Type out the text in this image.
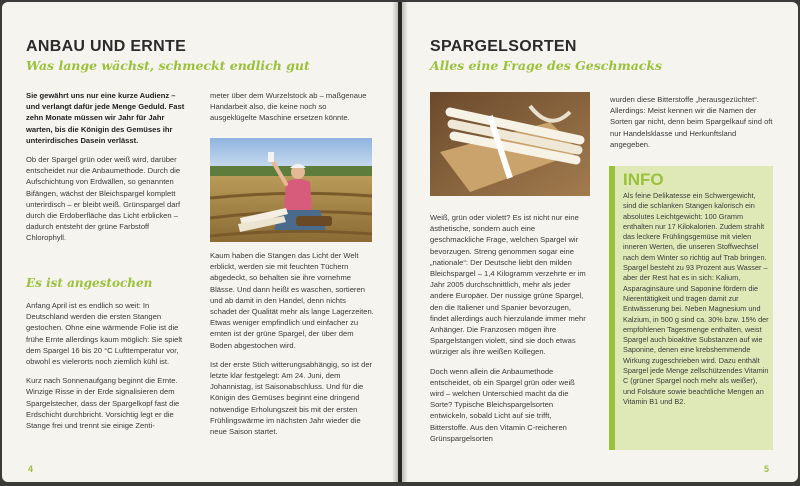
ANBAU UND ERNTE
Was lange wächst, schmeckt endlich gut

Sie gewährt uns nur eine kurze Audienz – und verlangt dafür jede Menge Geduld. Fast zehn Monate müssen wir Jahr für Jahr warten, bis die Königin des Gemüses ihr unterirdisches Dasein verlässt.

Ob der Spargel grün oder weiß wird, darüber entscheidet nur die Anbaumethode. Durch die Aufschichtung von Erdwällen, so genannten Bifängen, wächst der Bleichspargel komplett unterirdisch – er bleibt weiß. Grünspargel darf durch die Erdoberfläche das Licht erblicken – dadurch entsteht der grüne Farbstoff Chlorophyll.

Es ist angestochen

Anfang April ist es endlich so weit: In Deutschland werden die ersten Stangen gestochen. Ohne eine wärmende Folie ist die frühe Ernte allerdings kaum möglich: Sie spielt dem Spargel 16 bis 20 °C Lufttemperatur vor, obwohl es vielerorts noch ziemlich kühl ist.

Kurz nach Sonnenaufgang beginnt die Ernte. Winzige Risse in der Erde signalisieren dem Spargelstecher, dass der Spargelkopf fast die Erdschicht durchbricht. Vorsichtig legt er die Stange frei und trennt sie einige Zenti-

meter über dem Wurzelstock ab – maßgenaue Handarbeit also, die keine noch so ausgeklügelte Maschine ersetzen könnte.

Kaum haben die Stangen das Licht der Welt erblickt, werden sie mit feuchten Tüchern abgedeckt, so behalten sie ihre vornehme Blässe. Und dann heißt es waschen, sortieren und ab damit in den Handel, denn nichts schadet der Qualität mehr als lange Lagerzeiten. Etwas weniger empfindlich und einfacher zu ernten ist der grüne Spargel, der über dem Boden abgestochen wird.

Ist der erste Stich witterungsabhängig, so ist der letzte klar festgelegt: Am 24. Juni, dem Johannistag, ist Saisonabschluss. Und für die Königin des Gemüses beginnt eine dringend notwendige Erholungszeit bis mit der ersten Frühlingswärme im nächsten Jahr wieder die neue Saison startet.

4
SPARGELSORTEN
Alles eine Frage des Geschmacks

Weiß, grün oder violett? Es ist nicht nur eine ästhetische, sondern auch eine geschmackliche Frage, welchen Spargel wir bevorzugen. Streng genommen sogar eine „nationale“: Der Deutsche liebt den milden Bleichspargel – 1,4 Kilogramm verzehrte er im Jahr 2005 durchschnittlich, mehr als jeder andere Europäer. Der nussige grüne Spargel, den die Italiener und Spanier bevorzugen, findet allerdings auch hierzulande immer mehr Anhänger. Die Franzosen mögen ihre Spargelstangen violett, sind sie doch etwas würziger als ihre weißen Kollegen.

Doch wenn allein die Anbaumethode entscheidet, ob ein Spargel grün oder weiß wird – welchen Unterschied macht da die Sorte? Typische Bleichspargelsorten entwickeln, sobald Licht auf sie trifft, Bitterstoffe. Aus den Vitamin C-reicheren Grünspargelsorten

wurden diese Bitterstoffe „herausgezüchtet“. Allerdings: Meist kennen wir die Namen der Sorten gar nicht, denn beim Spargelkauf sind oft nur Handelsklasse und Herkunftsland angegeben.

INFO
Als feine Delikatesse ein Schwergewicht, sind die schlanken Stangen kalorisch ein absolutes Leichtgewicht: 100 Gramm enthalten nur 17 Kilokalorien. Zudem strahlt das leckere Frühlingsgemüse mit vielen inneren Werten, die unseren Stoffwechsel nach dem Winter so richtig auf Trab bringen. Spargel besteht zu 93 Prozent aus Wasser – aber der Rest hat es in sich: Kalium, Asparaginsäure und Saponine fördern die Nierentätigkeit und tragen damit zur Entwässerung bei. Neben Magnesium und Kalzium, in 500 g sind ca. 30% bzw. 15% der empfohlenen Tagesmenge enthalten, weist Spargel auch bioaktive Substanzen auf wie Saponine, denen eine krebshemmende Wirkung zugeschrieben wird. Dazu enthält Spargel jede Menge zellschützendes Vitamin C (grüner Spargel noch mehr als weißer), und Folsäure sowie beachtliche Mengen an Vitamin B1 und B2.
5
